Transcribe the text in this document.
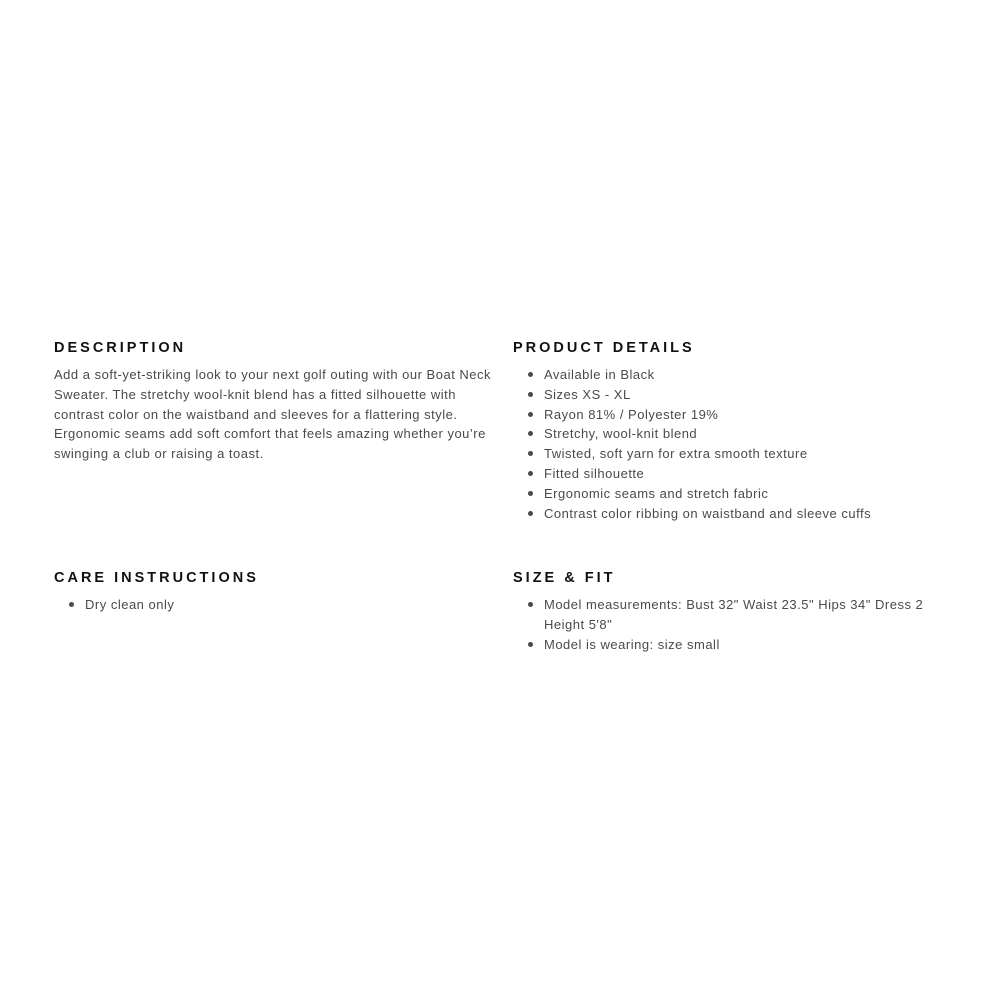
DESCRIPTION

Add a soft-yet-striking look to your next golf outing with our Boat Neck Sweater. The stretchy wool-knit blend has a fitted silhouette with contrast color on the waistband and sleeves for a flattering style. Ergonomic seams add soft comfort that feels amazing whether you’re swinging a club or raising a toast.

PRODUCT DETAILS
Available in Black
Sizes XS - XL
Rayon 81% / Polyester 19%
Stretchy, wool-knit blend
Twisted, soft yarn for extra smooth texture
Fitted silhouette
Ergonomic seams and stretch fabric
Contrast color ribbing on waistband and sleeve cuffs
CARE INSTRUCTIONS
Dry clean only
SIZE & FIT
Model measurements: Bust 32" Waist 23.5" Hips 34" Dress 2 Height 5'8"
Model is wearing: size small
